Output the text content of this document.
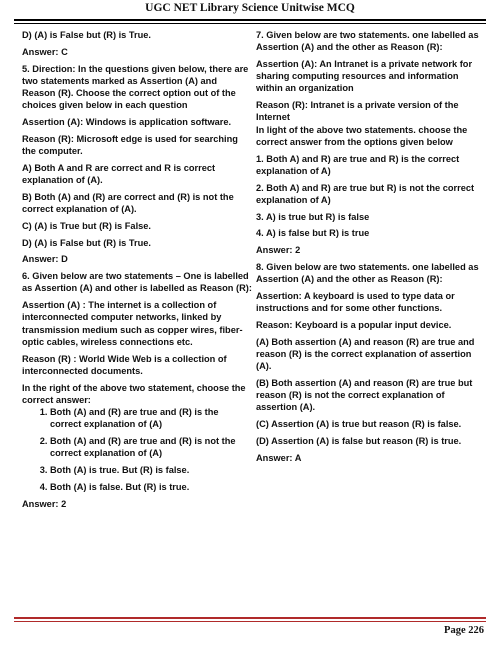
UGC NET Library Science Unitwise MCQ

D) (A) is False but (R) is True.

Answer: C

5. Direction: In the questions given below, there are two statements marked as Assertion (A) and Reason (R). Choose the correct option out of the choices given below in each question

Assertion (A): Windows is application software.

Reason (R): Microsoft edge is used for searching the computer.

A) Both A and R are correct and R is correct explanation of (A).

B) Both (A) and (R) are correct and (R) is not the correct explanation of (A).

C) (A) is True but (R) is False.

D) (A) is False but (R) is True.

Answer: D

6. Given below are two statements – One is labelled as Assertion (A) and other is labelled as Reason (R):

Assertion (A) : The internet is a collection of interconnected computer networks, linked by transmission medium such as copper wires, fiber-optic cables, wireless connections etc.

Reason (R) : World Wide Web is a collection of interconnected documents.

In the right of the above two statement, choose the correct answer:

1. Both (A) and (R) are true and (R) is the correct explanation of (A)
2. Both (A) and (R) are true and (R) is not the correct explanation of (A)
3. Both (A) is true. But (R) is false.
4. Both (A) is false. But (R) is true.

Answer: 2

7. Given below are two statements. one labelled as Assertion (A) and the other as Reason (R):

Assertion (A): An Intranet is a private network for sharing computing resources and information within an organization

Reason (R): Intranet is a private version of the Internet

In light of the above two statements. choose the correct answer from the options given below

1. Both A) and R) are true and R) is the correct explanation of A)

2. Both A) and R) are true but R) is not the correct explanation of A)

3. A) is true but R) is false

4. A) is false but R) is true

Answer: 2

8. Given below are two statements. one labelled as Assertion (A) and the other as Reason (R):

Assertion: A keyboard is used to type data or instructions and for some other functions.

Reason: Keyboard is a popular input device.

(A) Both assertion (A) and reason (R) are true and reason (R) is the correct explanation of assertion (A).

(B) Both assertion (A) and reason (R) are true but reason (R) is not the correct explanation of assertion (A).

(C) Assertion (A) is true but reason (R) is false.

(D) Assertion (A) is false but reason (R) is true.

Answer: A

Page 226
